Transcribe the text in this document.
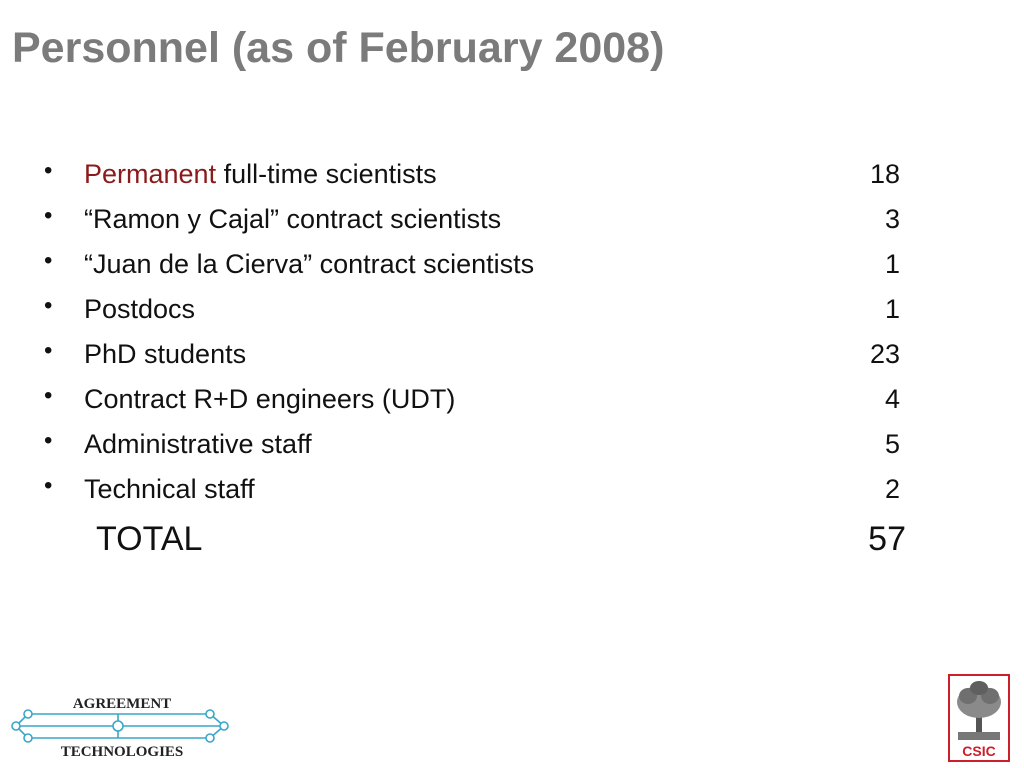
Personnel (as of February 2008)
• Permanent full-time scientists	18
• “Ramon y Cajal” contract scientists	3
• “Juan de la Cierva” contract scientists	1
• Postdocs	1
• PhD students	23
• Contract R+D engineers (UDT)	4
• Administrative staff	5
• Technical staff	2
TOTAL	57
AGREEMENT
TECHNOLOGIES	CSIC
